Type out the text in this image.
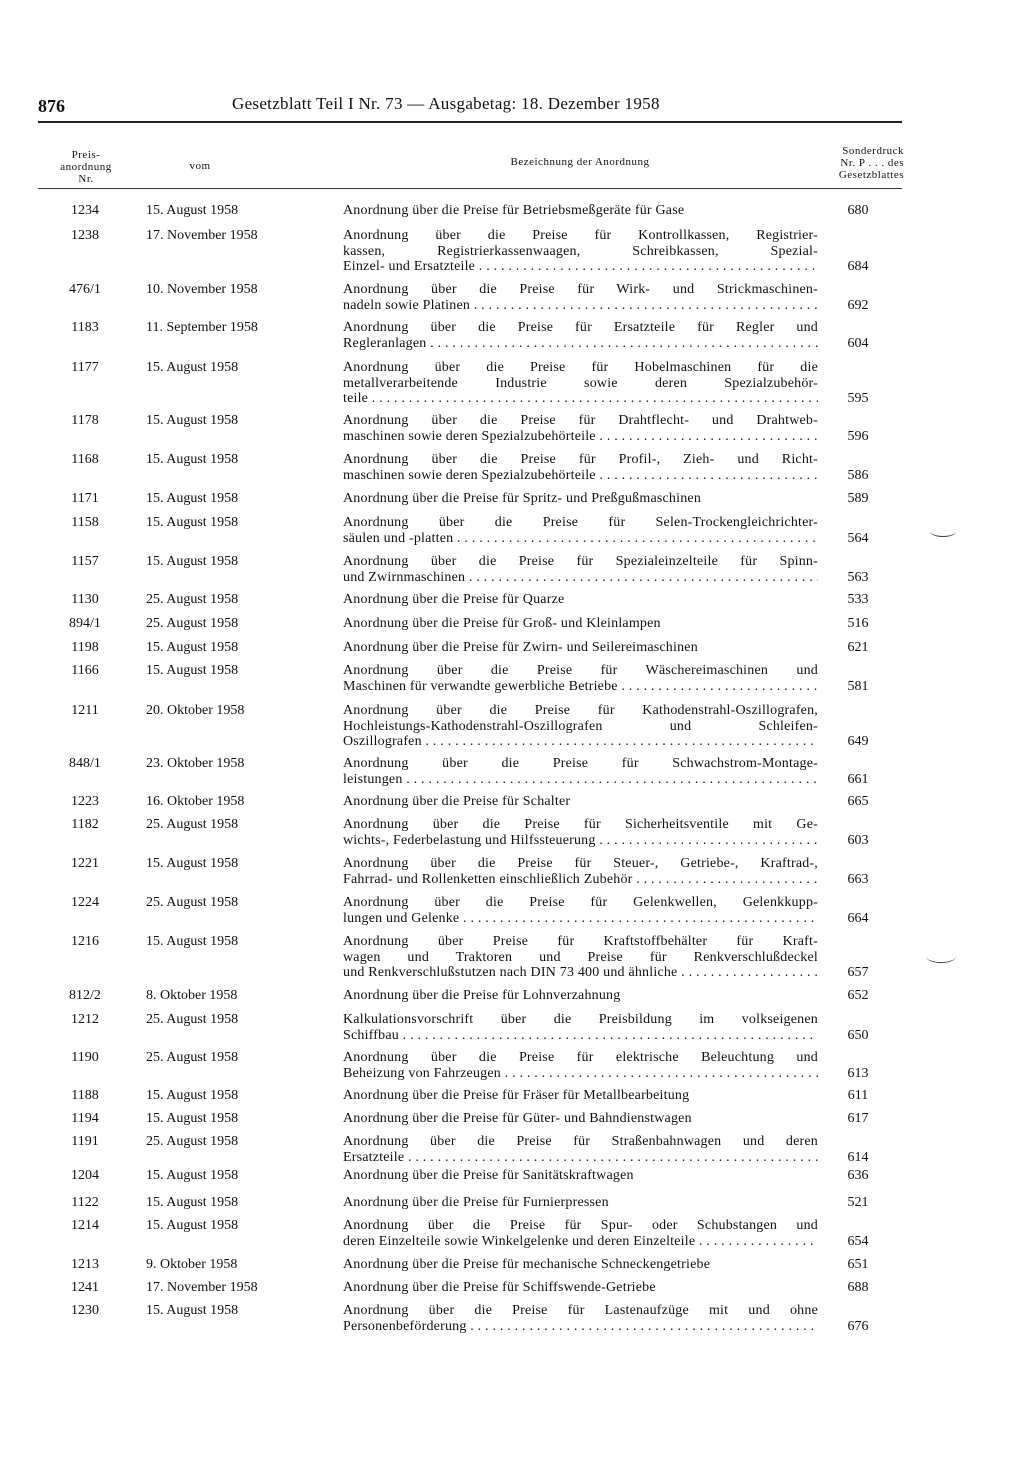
876	Gesetzblatt Teil I Nr. 73 — Ausgabetag: 18. Dezember 1958
Preis-
anordnung
Nr.
vom	Bezeichnung der Anordnung
Sonderdruck
Nr. P . . . des
Gesetzblattes
1234	15. August 1958	Anordnung über die Preise für Betriebsmeßgeräte für Gase	680
1238	17. November 1958	Anordnung über die Preise für Kontrollkassen, Registrier-
kassen, Registrierkassenwaagen, Schreibkassen, Spezial-
Einzel- und Ersatzteile . . .	684
476/1	10. November 1958	Anordnung über die Preise für Wirk- und Strickmaschinen-
nadeln sowie Platinen . . .	692
1183	11. September 1958	Anordnung über die Preise für Ersatzteile für Regler und
Regleranlagen . . .	604
1177	15. August 1958	Anordnung über die Preise für Hobelmaschinen für die
metallverarbeitende Industrie sowie deren Spezialzubehör-
teile . . .	595
1178	15. August 1958	Anordnung über die Preise für Drahtflecht- und Drahtweb-
maschinen sowie deren Spezialzubehörteile . . .	596
1168	15. August 1958	Anordnung über die Preise für Profil-, Zieh- und Richt-
maschinen sowie deren Spezialzubehörteile . . .	586
1171	15. August 1958	Anordnung über die Preise für Spritz- und Preßgußmaschinen	589
1158	15. August 1958	Anordnung über die Preise für Selen-Trockengleichrichter-
säulen und -platten . . .	564
1157	15. August 1958	Anordnung über die Preise für Spezialeinzelteile für Spinn-
und Zwirnmaschinen . . .	563
1130	25. August 1958	Anordnung über die Preise für Quarze	533
894/1	25. August 1958	Anordnung über die Preise für Groß- und Kleinlampen	516
1198	15. August 1958	Anordnung über die Preise für Zwirn- und Seilereimaschinen	621
1166	15. August 1958	Anordnung über die Preise für Wäschereimaschinen und
Maschinen für verwandte gewerbliche Betriebe . . .	581
1211	20. Oktober 1958	Anordnung über die Preise für Kathodenstrahl-Oszillografen,
Hochleistungs-Kathodenstrahl-Oszillografen und Schleifen-
Oszillografen . . .	649
848/1	23. Oktober 1958	Anordnung über die Preise für Schwachstrom-Montage-
leistungen . . .	661
1223	16. Oktober 1958	Anordnung über die Preise für Schalter	665
1182	25. August 1958	Anordnung über die Preise für Sicherheitsventile mit Ge-
wichts-, Federbelastung und Hilfssteuerung . . .	603
1221	15. August 1958	Anordnung über die Preise für Steuer-, Getriebe-, Kraftrad-,
Fahrrad- und Rollenketten einschließlich Zubehör . . .	663
1224	25. August 1958	Anordnung über die Preise für Gelenkwellen, Gelenkkupp-
lungen und Gelenke . . .	664
1216	15. August 1958	Anordnung über Preise für Kraftstoffbehälter für Kraft-
wagen und Traktoren und Preise für Renkverschlußdeckel
und Renkverschlußstutzen nach DIN 73 400 und ähnliche . . . . .	657
812/2	8. Oktober 1958	Anordnung über die Preise für Lohnverzahnung	652
1212	25. August 1958	Kalkulationsvorschrift über die Preisbildung im volkseigenen
Schiffbau . . .	650
1190	25. August 1958	Anordnung über die Preise für elektrische Beleuchtung und
Beheizung von Fahrzeugen . . .	613
1188	15. August 1958	Anordnung über die Preise für Fräser für Metallbearbeitung	611
1194	15. August 1958	Anordnung über die Preise für Güter- und Bahndienstwagen	617
1191	25. August 1958	Anordnung über die Preise für Straßenbahnwagen und deren
Ersatzteile . . .	614
1204	15. August 1958	Anordnung über die Preise für Sanitätskraftwagen	636
1122	15. August 1958	Anordnung über die Preise für Furnierpressen	521
1214	15. August 1958	Anordnung über die Preise für Spur- oder Schubstangen und
deren Einzelteile sowie Winkelgelenke und deren Einzelteile . . .	654
1213	9. Oktober 1958	Anordnung über die Preise für mechanische Schneckengetriebe	651
1241	17. November 1958	Anordnung über die Preise für Schiffswende-Getriebe	688
1230	15. August 1958	Anordnung über die Preise für Lastenaufzüge mit und ohne
Personenbeförderung . . .	676
